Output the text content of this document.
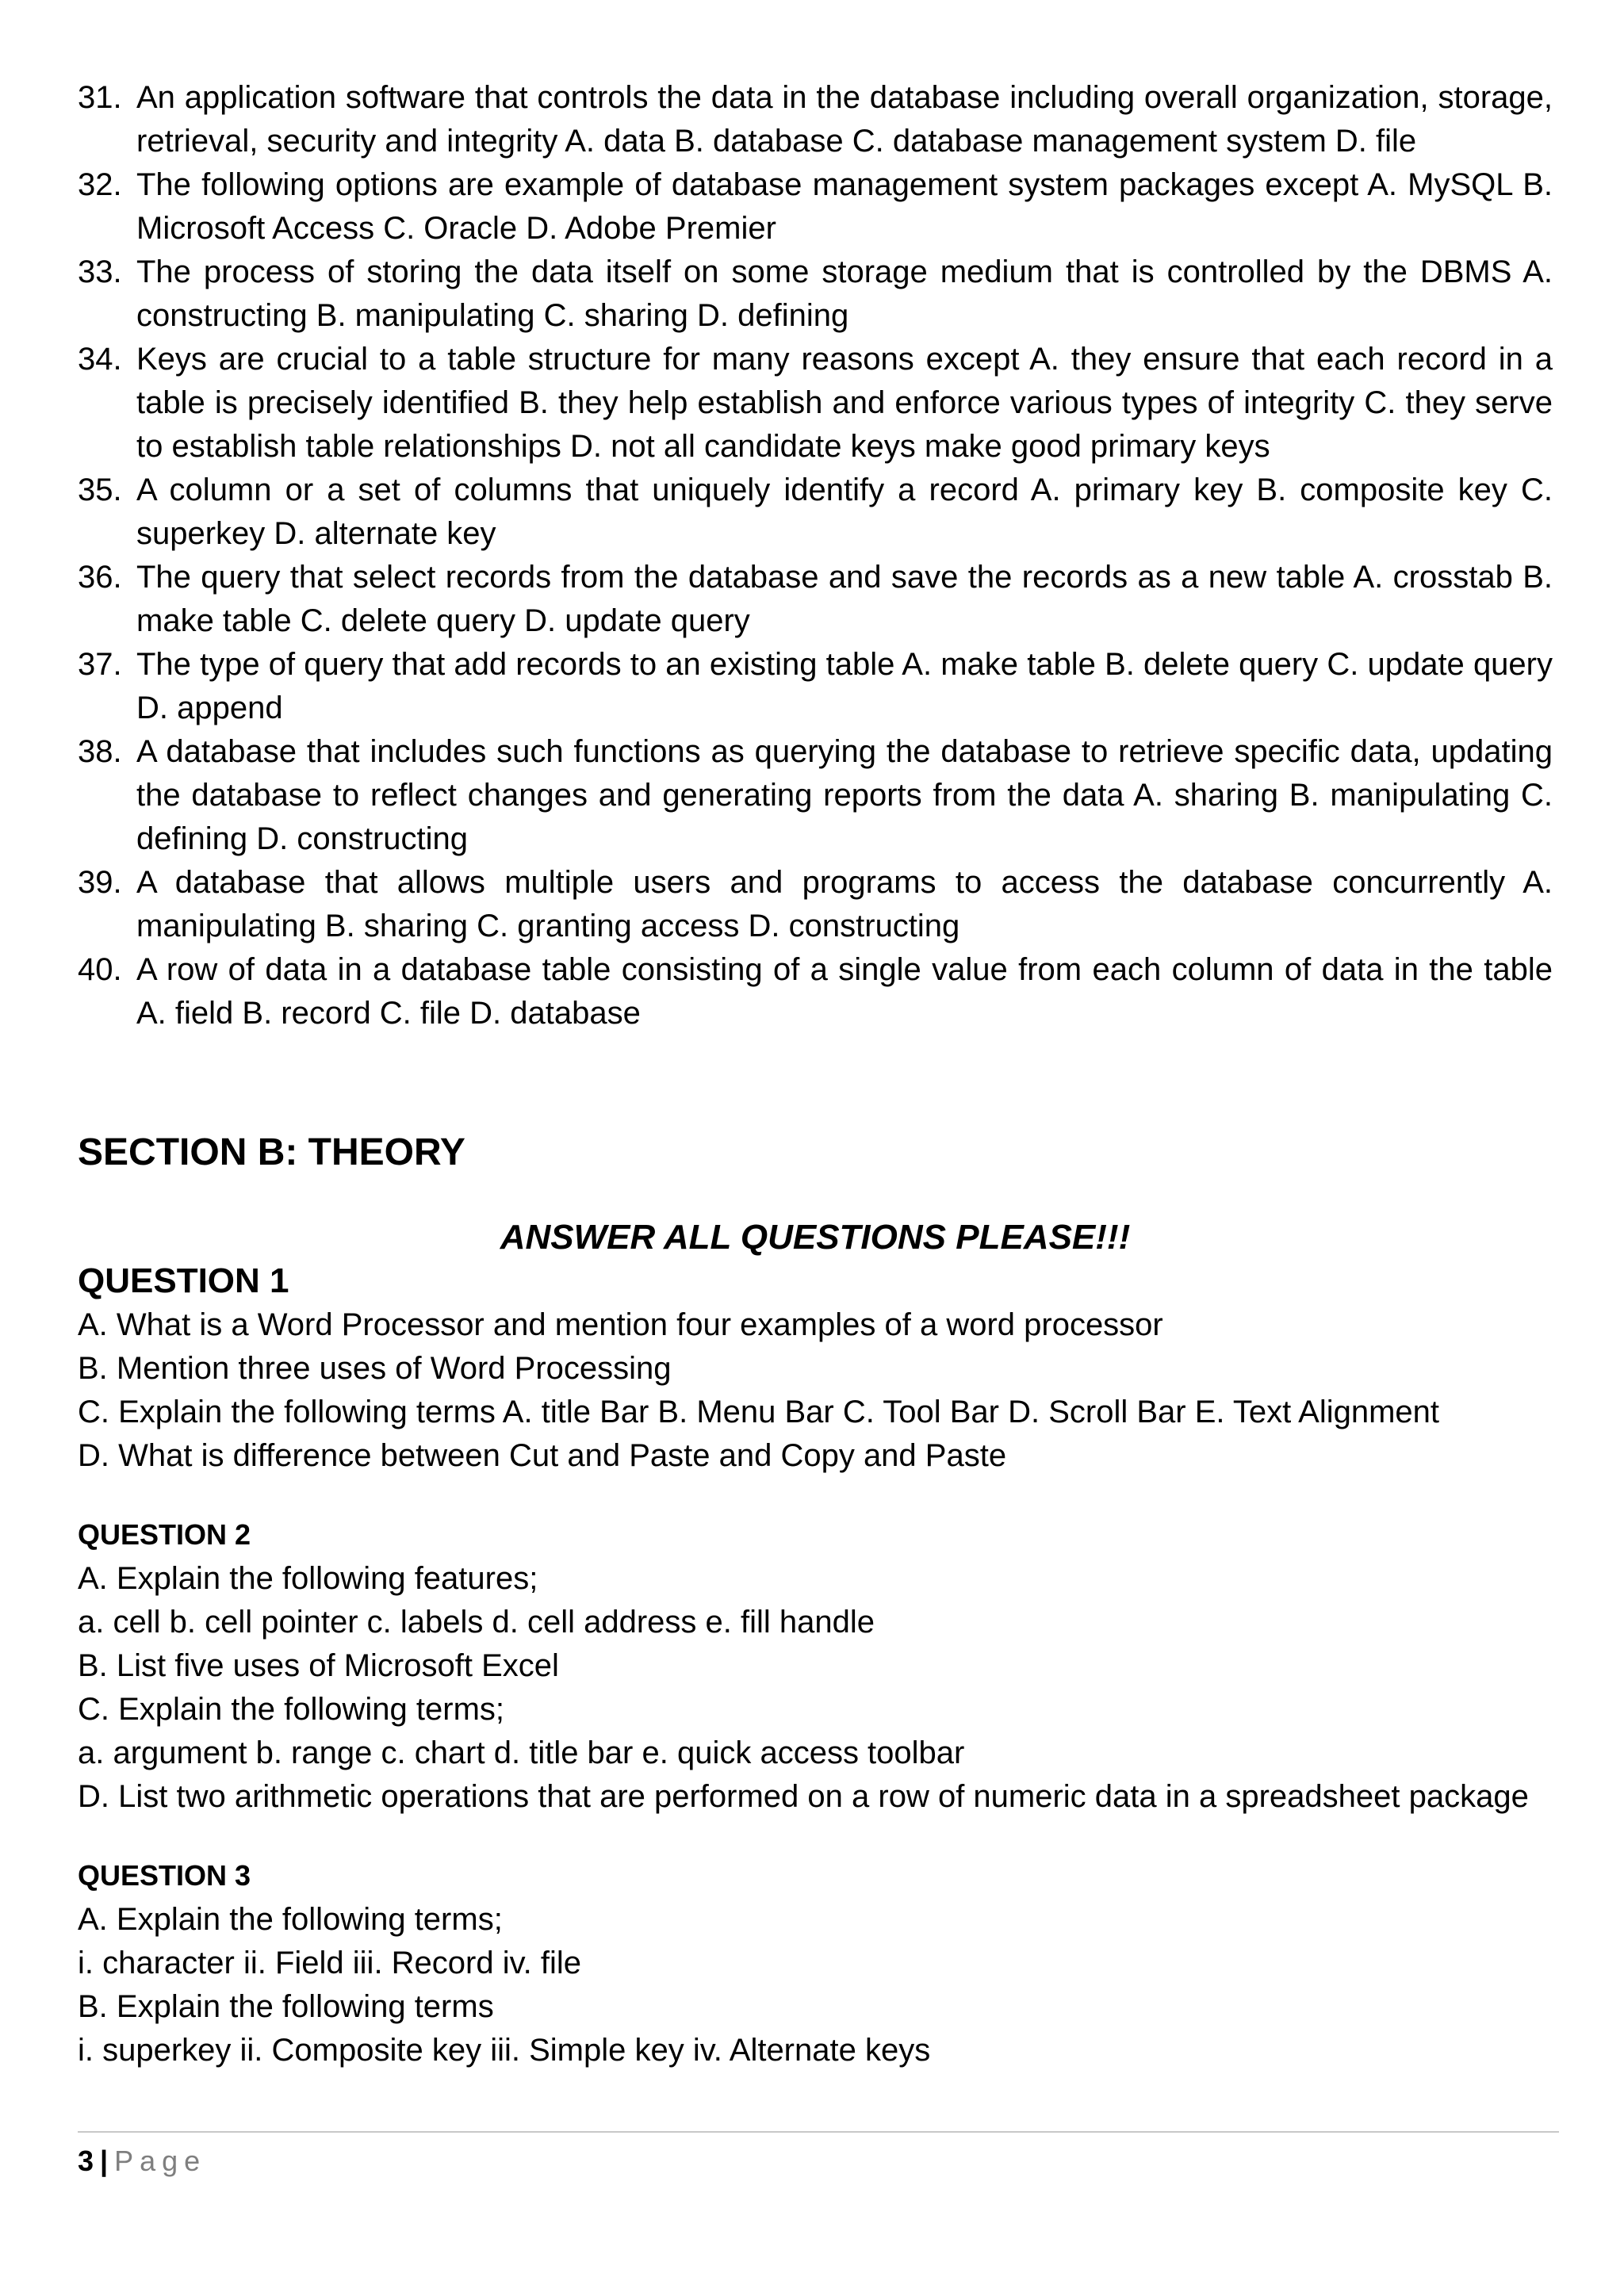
31. An application software that controls the data in the database including overall organization, storage, retrieval, security and integrity A. data B. database C. database management system D. file
32. The following options are example of database management system packages except A. MySQL B. Microsoft Access C. Oracle D. Adobe Premier
33. The process of storing the data itself on some storage medium that is controlled by the DBMS A. constructing B. manipulating C. sharing D. defining
34. Keys are crucial to a table structure for many reasons except A. they ensure that each record in a table is precisely identified B. they help establish and enforce various types of integrity C. they serve to establish table relationships D. not all candidate keys make good primary keys
35. A column or a set of columns that uniquely identify a record A. primary key B. composite key C. superkey D. alternate key
36. The query that select records from the database and save the records as a new table A. crosstab B. make table C. delete query D. update query
37. The type of query that add records to an existing table A. make table B. delete query C. update query D. append
38. A database that includes such functions as querying the database to retrieve specific data, updating the database to reflect changes and generating reports from the data A. sharing B. manipulating C. defining D. constructing
39. A database that allows multiple users and programs to access the database concurrently A. manipulating B. sharing C. granting access D. constructing
40. A row of data in a database table consisting of a single value from each column of data in the table A. field B. record C. file D. database
SECTION B: THEORY
ANSWER ALL QUESTIONS PLEASE!!!
QUESTION 1
A. What is a Word Processor and mention four examples of a word processor
B. Mention three uses of Word Processing
C. Explain the following terms A. title Bar B. Menu Bar C. Tool Bar D. Scroll Bar E. Text Alignment
D. What is difference between Cut and Paste and Copy and Paste
QUESTION 2
A. Explain the following features;
a. cell b. cell pointer c. labels d. cell address e. fill handle
B. List five uses of Microsoft Excel
C. Explain the following terms;
a. argument b. range c. chart d. title bar e. quick access toolbar
D. List two arithmetic operations that are performed on a row of numeric data in a spreadsheet package
QUESTION 3
A. Explain the following terms;
i. character ii. Field iii. Record iv. file
B. Explain the following terms
i. superkey ii. Composite key iii. Simple key iv. Alternate keys
3 | Page
